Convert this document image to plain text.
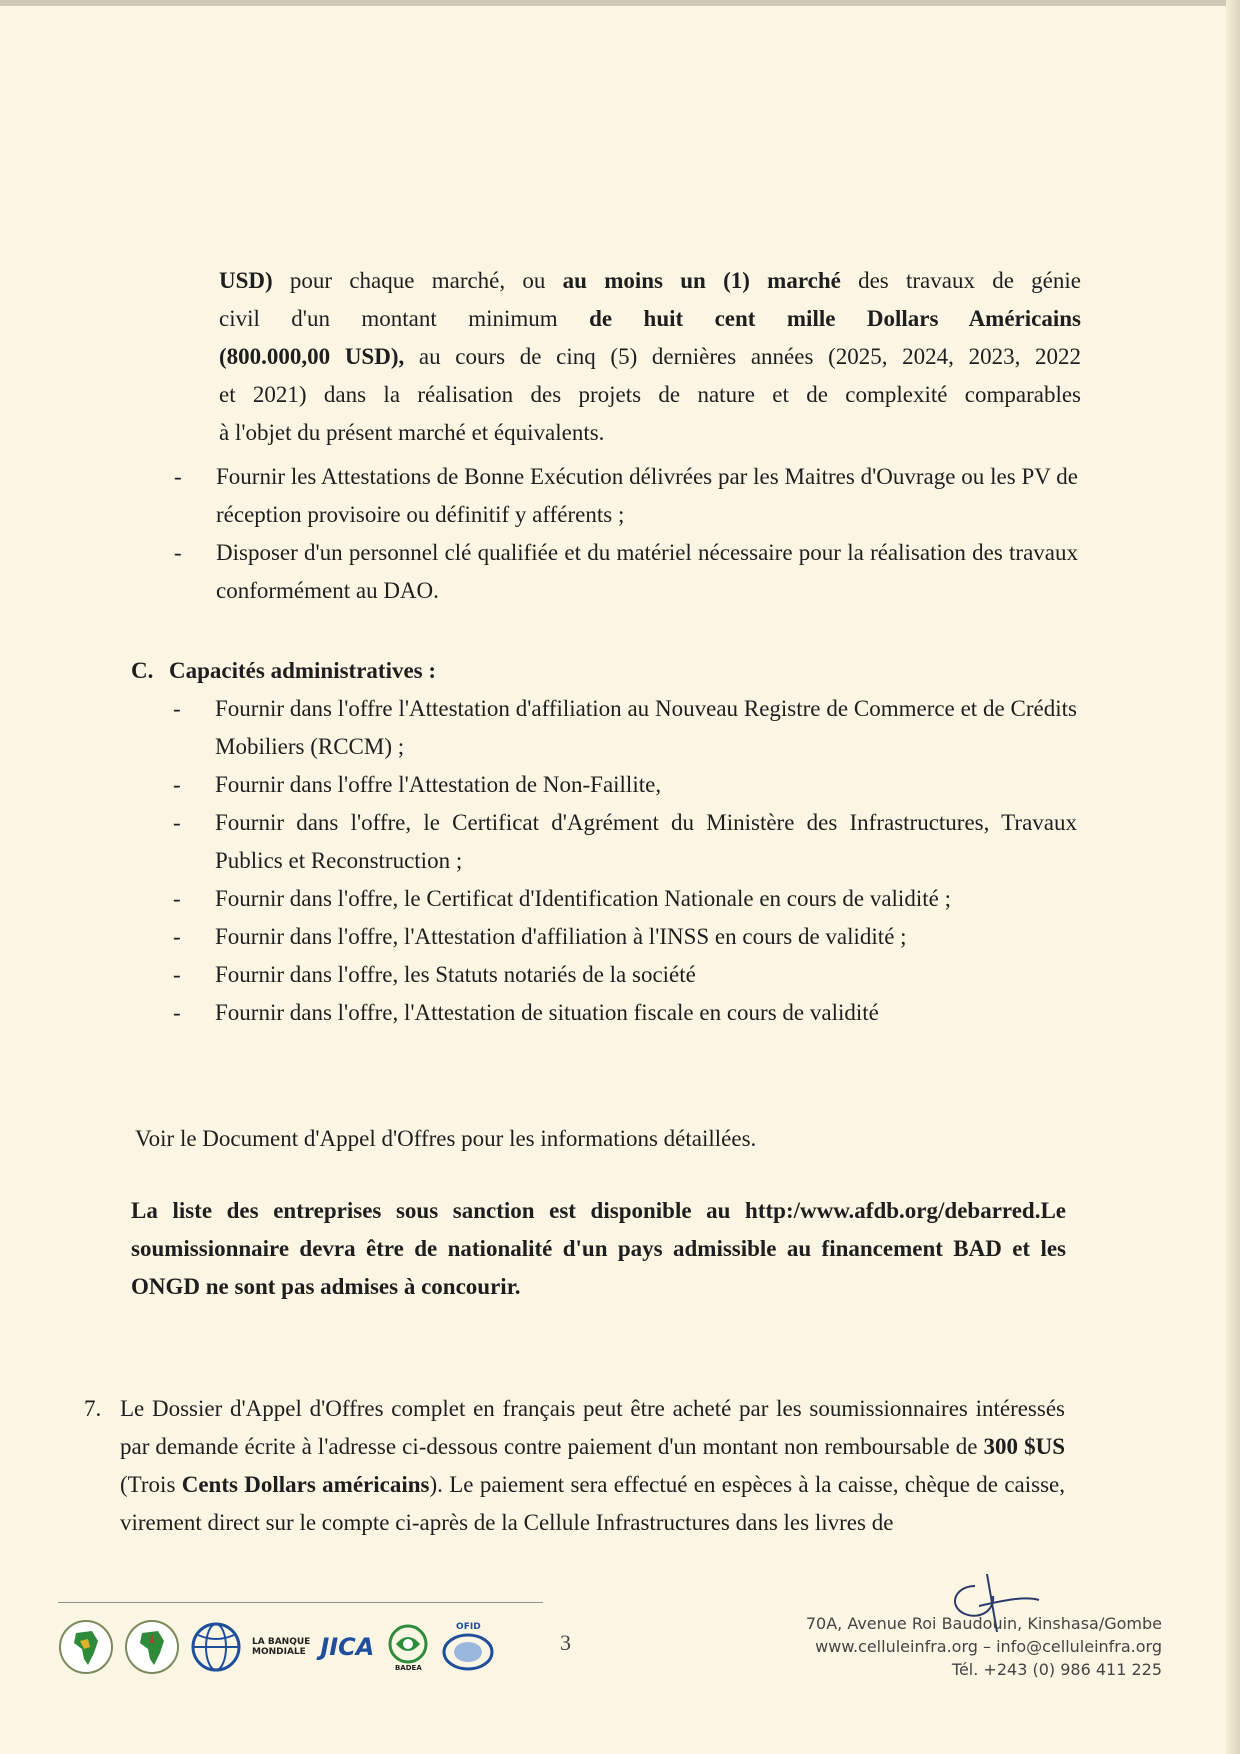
USD) pour chaque marché, ou au moins un (1) marché des travaux de génie
civil d'un montant minimum de huit cent mille Dollars Américains
(800.000,00 USD), au cours de cinq (5) dernières années (2025, 2024, 2023, 2022
et 2021) dans la réalisation des projets de nature et de complexité comparables
à l'objet du présent marché et équivalents.
- Fournir les Attestations de Bonne Exécution délivrées par les Maitres d'Ouvrage ou les PV de réception provisoire ou définitif y afférents ;
- Disposer d'un personnel clé qualifiée et du matériel nécessaire pour la réalisation des travaux conformément au DAO.
C. Capacités administratives :
- Fournir dans l'offre l'Attestation d'affiliation au Nouveau Registre de Commerce et de Crédits Mobiliers (RCCM) ;
- Fournir dans l'offre l'Attestation de Non-Faillite,
- Fournir dans l'offre, le Certificat d'Agrément du Ministère des Infrastructures, Travaux Publics et Reconstruction ;
- Fournir dans l'offre, le Certificat d'Identification Nationale en cours de validité ;
- Fournir dans l'offre, l'Attestation d'affiliation à l'INSS en cours de validité ;
- Fournir dans l'offre, les Statuts notariés de la société
- Fournir dans l'offre, l'Attestation de situation fiscale en cours de validité
Voir le Document d'Appel d'Offres pour les informations détaillées.
La liste des entreprises sous sanction est disponible au http:/www.afdb.org/debarred.Le soumissionnaire devra être de nationalité d'un pays admissible au financement BAD et les ONGD ne sont pas admises à concourir.
7. Le Dossier d'Appel d'Offres complet en français peut être acheté par les soumissionnaires intéressés par demande écrite à l'adresse ci-dessous contre paiement d'un montant non remboursable de 300 $US (Trois Cents Dollars américains). Le paiement sera effectué en espèces à la caisse, chèque de caisse, virement direct sur le compte ci-après de la Cellule Infrastructures dans les livres de
LA BANQUE
MONDIALE JICA
BADEA
OFID
3
70A, Avenue Roi Baudouin, Kinshasa/Gombe
www.celluleinfra.org – info@celluleinfra.org
Tél. +243 (0) 986 411 225
